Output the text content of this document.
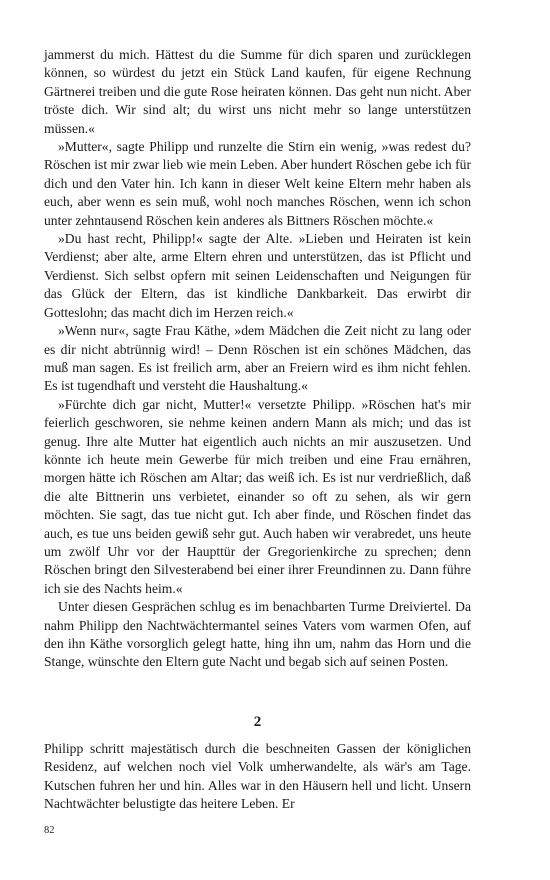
jammerst du mich. Hättest du die Summe für dich sparen und zurücklegen können, so würdest du jetzt ein Stück Land kaufen, für eigene Rechnung Gärtnerei treiben und die gute Rose heiraten können. Das geht nun nicht. Aber tröste dich. Wir sind alt; du wirst uns nicht mehr so lange unterstützen müssen.«

»Mutter«, sagte Philipp und runzelte die Stirn ein wenig, »was redest du? Röschen ist mir zwar lieb wie mein Leben. Aber hundert Röschen gebe ich für dich und den Vater hin. Ich kann in dieser Welt keine Eltern mehr haben als euch, aber wenn es sein muß, wohl noch manches Röschen, wenn ich schon unter zehntausend Röschen kein anderes als Bittners Röschen möchte.«

»Du hast recht, Philipp!« sagte der Alte. »Lieben und Heiraten ist kein Verdienst; aber alte, arme Eltern ehren und unterstützen, das ist Pflicht und Verdienst. Sich selbst opfern mit seinen Leidenschaften und Neigungen für das Glück der Eltern, das ist kindliche Dankbarkeit. Das erwirbt dir Gotteslohn; das macht dich im Herzen reich.«

»Wenn nur«, sagte Frau Käthe, »dem Mädchen die Zeit nicht zu lang oder es dir nicht abtrünnig wird! – Denn Röschen ist ein schönes Mädchen, das muß man sagen. Es ist freilich arm, aber an Freiern wird es ihm nicht fehlen. Es ist tugendhaft und versteht die Haushaltung.«

»Fürchte dich gar nicht, Mutter!« versetzte Philipp. »Röschen hat's mir feierlich geschworen, sie nehme keinen andern Mann als mich; und das ist genug. Ihre alte Mutter hat eigentlich auch nichts an mir auszusetzen. Und könnte ich heute mein Gewerbe für mich treiben und eine Frau ernähren, morgen hätte ich Röschen am Altar; das weiß ich. Es ist nur verdrießlich, daß die alte Bittnerin uns verbietet, einander so oft zu sehen, als wir gern möchten. Sie sagt, das tue nicht gut. Ich aber finde, und Röschen findet das auch, es tue uns beiden gewiß sehr gut. Auch haben wir verabredet, uns heute um zwölf Uhr vor der Haupttür der Gregorienkirche zu sprechen; denn Röschen bringt den Silvesterabend bei einer ihrer Freundinnen zu. Dann führe ich sie des Nachts heim.«

Unter diesen Gesprächen schlug es im benachbarten Turme Dreiviertel. Da nahm Philipp den Nachtwächtermantel seines Vaters vom warmen Ofen, auf den ihn Käthe vorsorglich gelegt hatte, hing ihn um, nahm das Horn und die Stange, wünschte den Eltern gute Nacht und begab sich auf seinen Posten.

2

Philipp schritt majestätisch durch die beschneiten Gassen der königlichen Residenz, auf welchen noch viel Volk umherwandelte, als wär's am Tage. Kutschen fuhren her und hin. Alles war in den Häusern hell und licht. Unsern Nachtwächter belustigte das heitere Leben. Er

82
